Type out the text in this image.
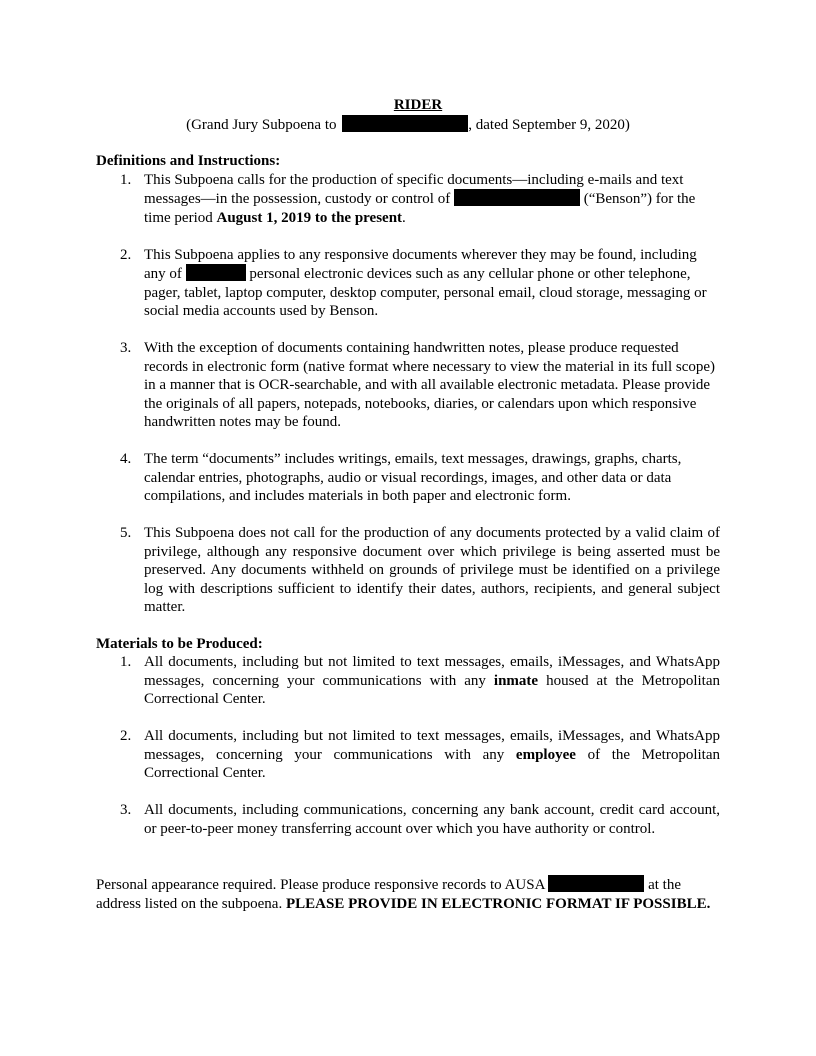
RIDER
(Grand Jury Subpoena to	, dated September 9, 2020)
Definitions and Instructions:
1. This Subpoena calls for the production of specific documents—including e-mails and text messages—in the possession, custody or control of	(“Benson”) for the time period August 1, 2019 to the present.
2. This Subpoena applies to any responsive documents wherever they may be found, including any of	personal electronic devices such as any cellular phone or other telephone, pager, tablet, laptop computer, desktop computer, personal email, cloud storage, messaging or social media accounts used by Benson.
3. With the exception of documents containing handwritten notes, please produce requested records in electronic form (native format where necessary to view the material in its full scope) in a manner that is OCR-searchable, and with all available electronic metadata. Please provide the originals of all papers, notepads, notebooks, diaries, or calendars upon which responsive handwritten notes may be found.
4. The term “documents” includes writings, emails, text messages, drawings, graphs, charts, calendar entries, photographs, audio or visual recordings, images, and other data or data compilations, and includes materials in both paper and electronic form.
5. This Subpoena does not call for the production of any documents protected by a valid claim of privilege, although any responsive document over which privilege is being asserted must be preserved. Any documents withheld on grounds of privilege must be identified on a privilege log with descriptions sufficient to identify their dates, authors, recipients, and general subject matter.
Materials to be Produced:
1. All documents, including but not limited to text messages, emails, iMessages, and WhatsApp messages, concerning your communications with any inmate housed at the Metropolitan Correctional Center.
2. All documents, including but not limited to text messages, emails, iMessages, and WhatsApp messages, concerning your communications with any employee of the Metropolitan Correctional Center.
3. All documents, including communications, concerning any bank account, credit card account, or peer-to-peer money transferring account over which you have authority or control.
Personal appearance required. Please produce responsive records to AUSA	at the address listed on the subpoena. PLEASE PROVIDE IN ELECTRONIC FORMAT IF POSSIBLE.
